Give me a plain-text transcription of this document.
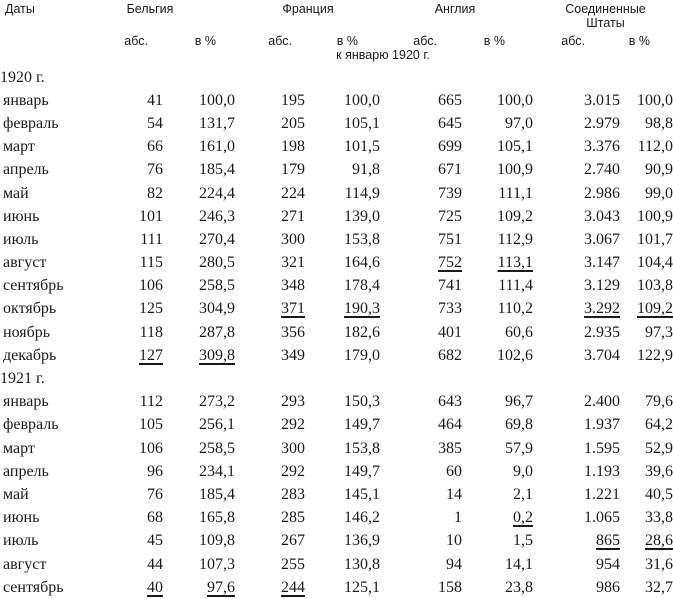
Даты	Бельгия	Франция	Англия	Соединенные Штаты
абс.	в %	абс.	в %	абс.	в %	абс.	в %
к январю 1920 г.
1920 г.								
январь	41	100,0	195	100,0	665	100,0	3.015	100,0
февраль	54	131,7	205	105,1	645	97,0	2.979	98,8
март	66	161,0	198	101,5	699	105,1	3.376	112,0
апрель	76	185,4	179	91,8	671	100,9	2.740	90,9
май	82	224,4	224	114,9	739	111,1	2.986	99,0
июнь	101	246,3	271	139,0	725	109,2	3.043	100,9
июль	111	270,4	300	153,8	751	112,9	3.067	101,7
август	115	280,5	321	164,6	752	113,1	3.147	104,4
сентябрь	106	258,5	348	178,4	741	111,4	3.129	103,8
октябрь	125	304,9	371	190,3	733	110,2	3.292	109,2
ноябрь	118	287,8	356	182,6	401	60,6	2.935	97,3
декабрь	127	309,8	349	179,0	682	102,6	3.704	122,9
1921 г.								
январь	112	273,2	293	150,3	643	96,7	2.400	79,6
февраль	105	256,1	292	149,7	464	69,8	1.937	64,2
март	106	258,5	300	153,8	385	57,9	1.595	52,9
апрель	96	234,1	292	149,7	60	9,0	1.193	39,6
май	76	185,4	283	145,1	14	2,1	1.221	40,5
июнь	68	165,8	285	146,2	1	0,2	1.065	33,8
июль	45	109,8	267	136,9	10	1,5	865	28,6
август	44	107,3	255	130,8	94	14,1	954	31,6
сентябрь	40	97,6	244	125,1	158	23,8	986	32,7
